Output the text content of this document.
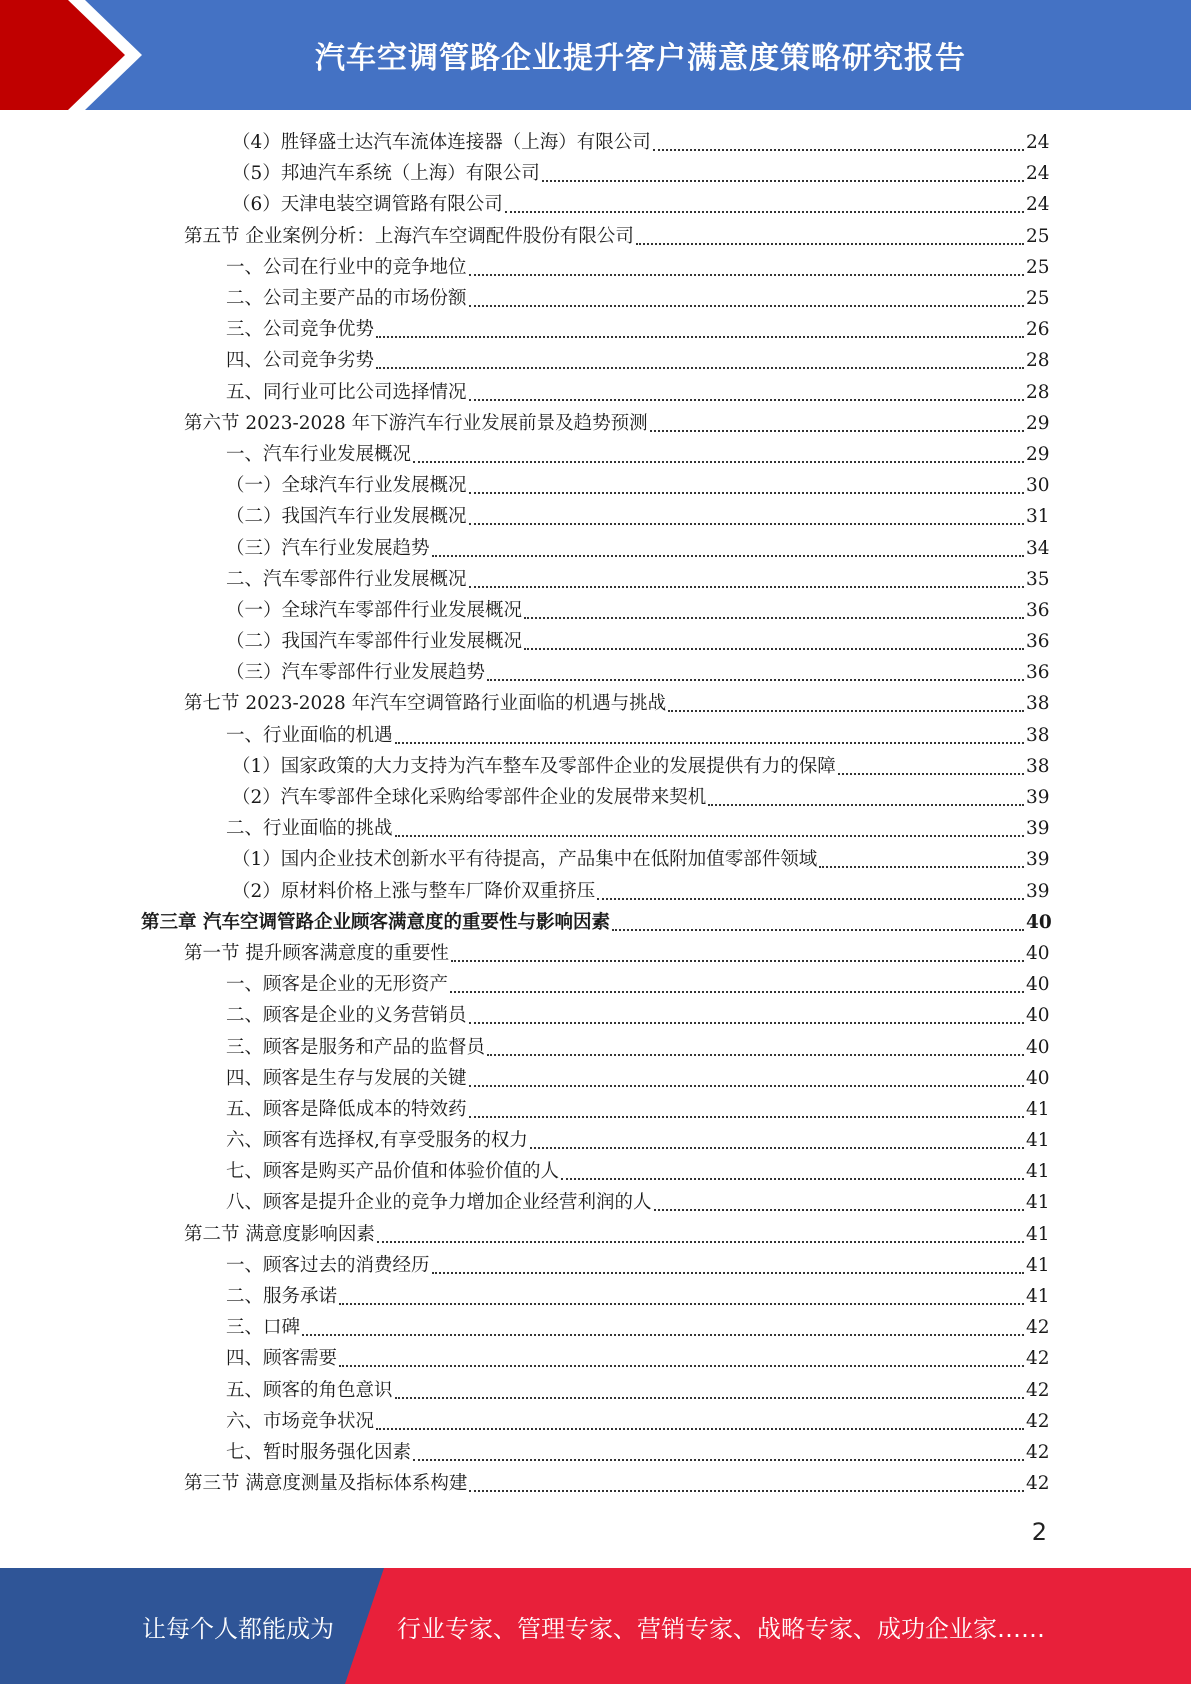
汽车空调管路企业提升客户满意度策略研究报告
（4）胜铎盛士达汽车流体连接器（上海）有限公司	24
（5）邦迪汽车系统（上海）有限公司	24
（6）天津电装空调管路有限公司	24
第五节 企业案例分析：上海汽车空调配件股份有限公司	25
一、公司在行业中的竞争地位	25
二、公司主要产品的市场份额	25
三、公司竞争优势	26
四、公司竞争劣势	28
五、同行业可比公司选择情况	28
第六节 2023-2028 年下游汽车行业发展前景及趋势预测	29
一、汽车行业发展概况	29
（一）全球汽车行业发展概况	30
（二）我国汽车行业发展概况	31
（三）汽车行业发展趋势	34
二、汽车零部件行业发展概况	35
（一）全球汽车零部件行业发展概况	36
（二）我国汽车零部件行业发展概况	36
（三）汽车零部件行业发展趋势	36
第七节 2023-2028 年汽车空调管路行业面临的机遇与挑战	38
一、行业面临的机遇	38
（1）国家政策的大力支持为汽车整车及零部件企业的发展提供有力的保障	38
（2）汽车零部件全球化采购给零部件企业的发展带来契机	39
二、行业面临的挑战	39
（1）国内企业技术创新水平有待提高，产品集中在低附加值零部件领域	39
（2）原材料价格上涨与整车厂降价双重挤压	39
第三章 汽车空调管路企业顾客满意度的重要性与影响因素	40
第一节 提升顾客满意度的重要性	40
一、顾客是企业的无形资产	40
二、顾客是企业的义务营销员	40
三、顾客是服务和产品的监督员	40
四、顾客是生存与发展的关键	40
五、顾客是降低成本的特效药	41
六、顾客有选择权,有享受服务的权力	41
七、顾客是购买产品价值和体验价值的人	41
八、顾客是提升企业的竞争力增加企业经营利润的人	41
第二节 满意度影响因素	41
一、顾客过去的消费经历	41
二、服务承诺	41
三、口碑	42
四、顾客需要	42
五、顾客的角色意识	42
六、市场竞争状况	42
七、暂时服务强化因素	42
第三节 满意度测量及指标体系构建	42
2
让每个人都能成为	行业专家、管理专家、营销专家、战略专家、成功企业家……
